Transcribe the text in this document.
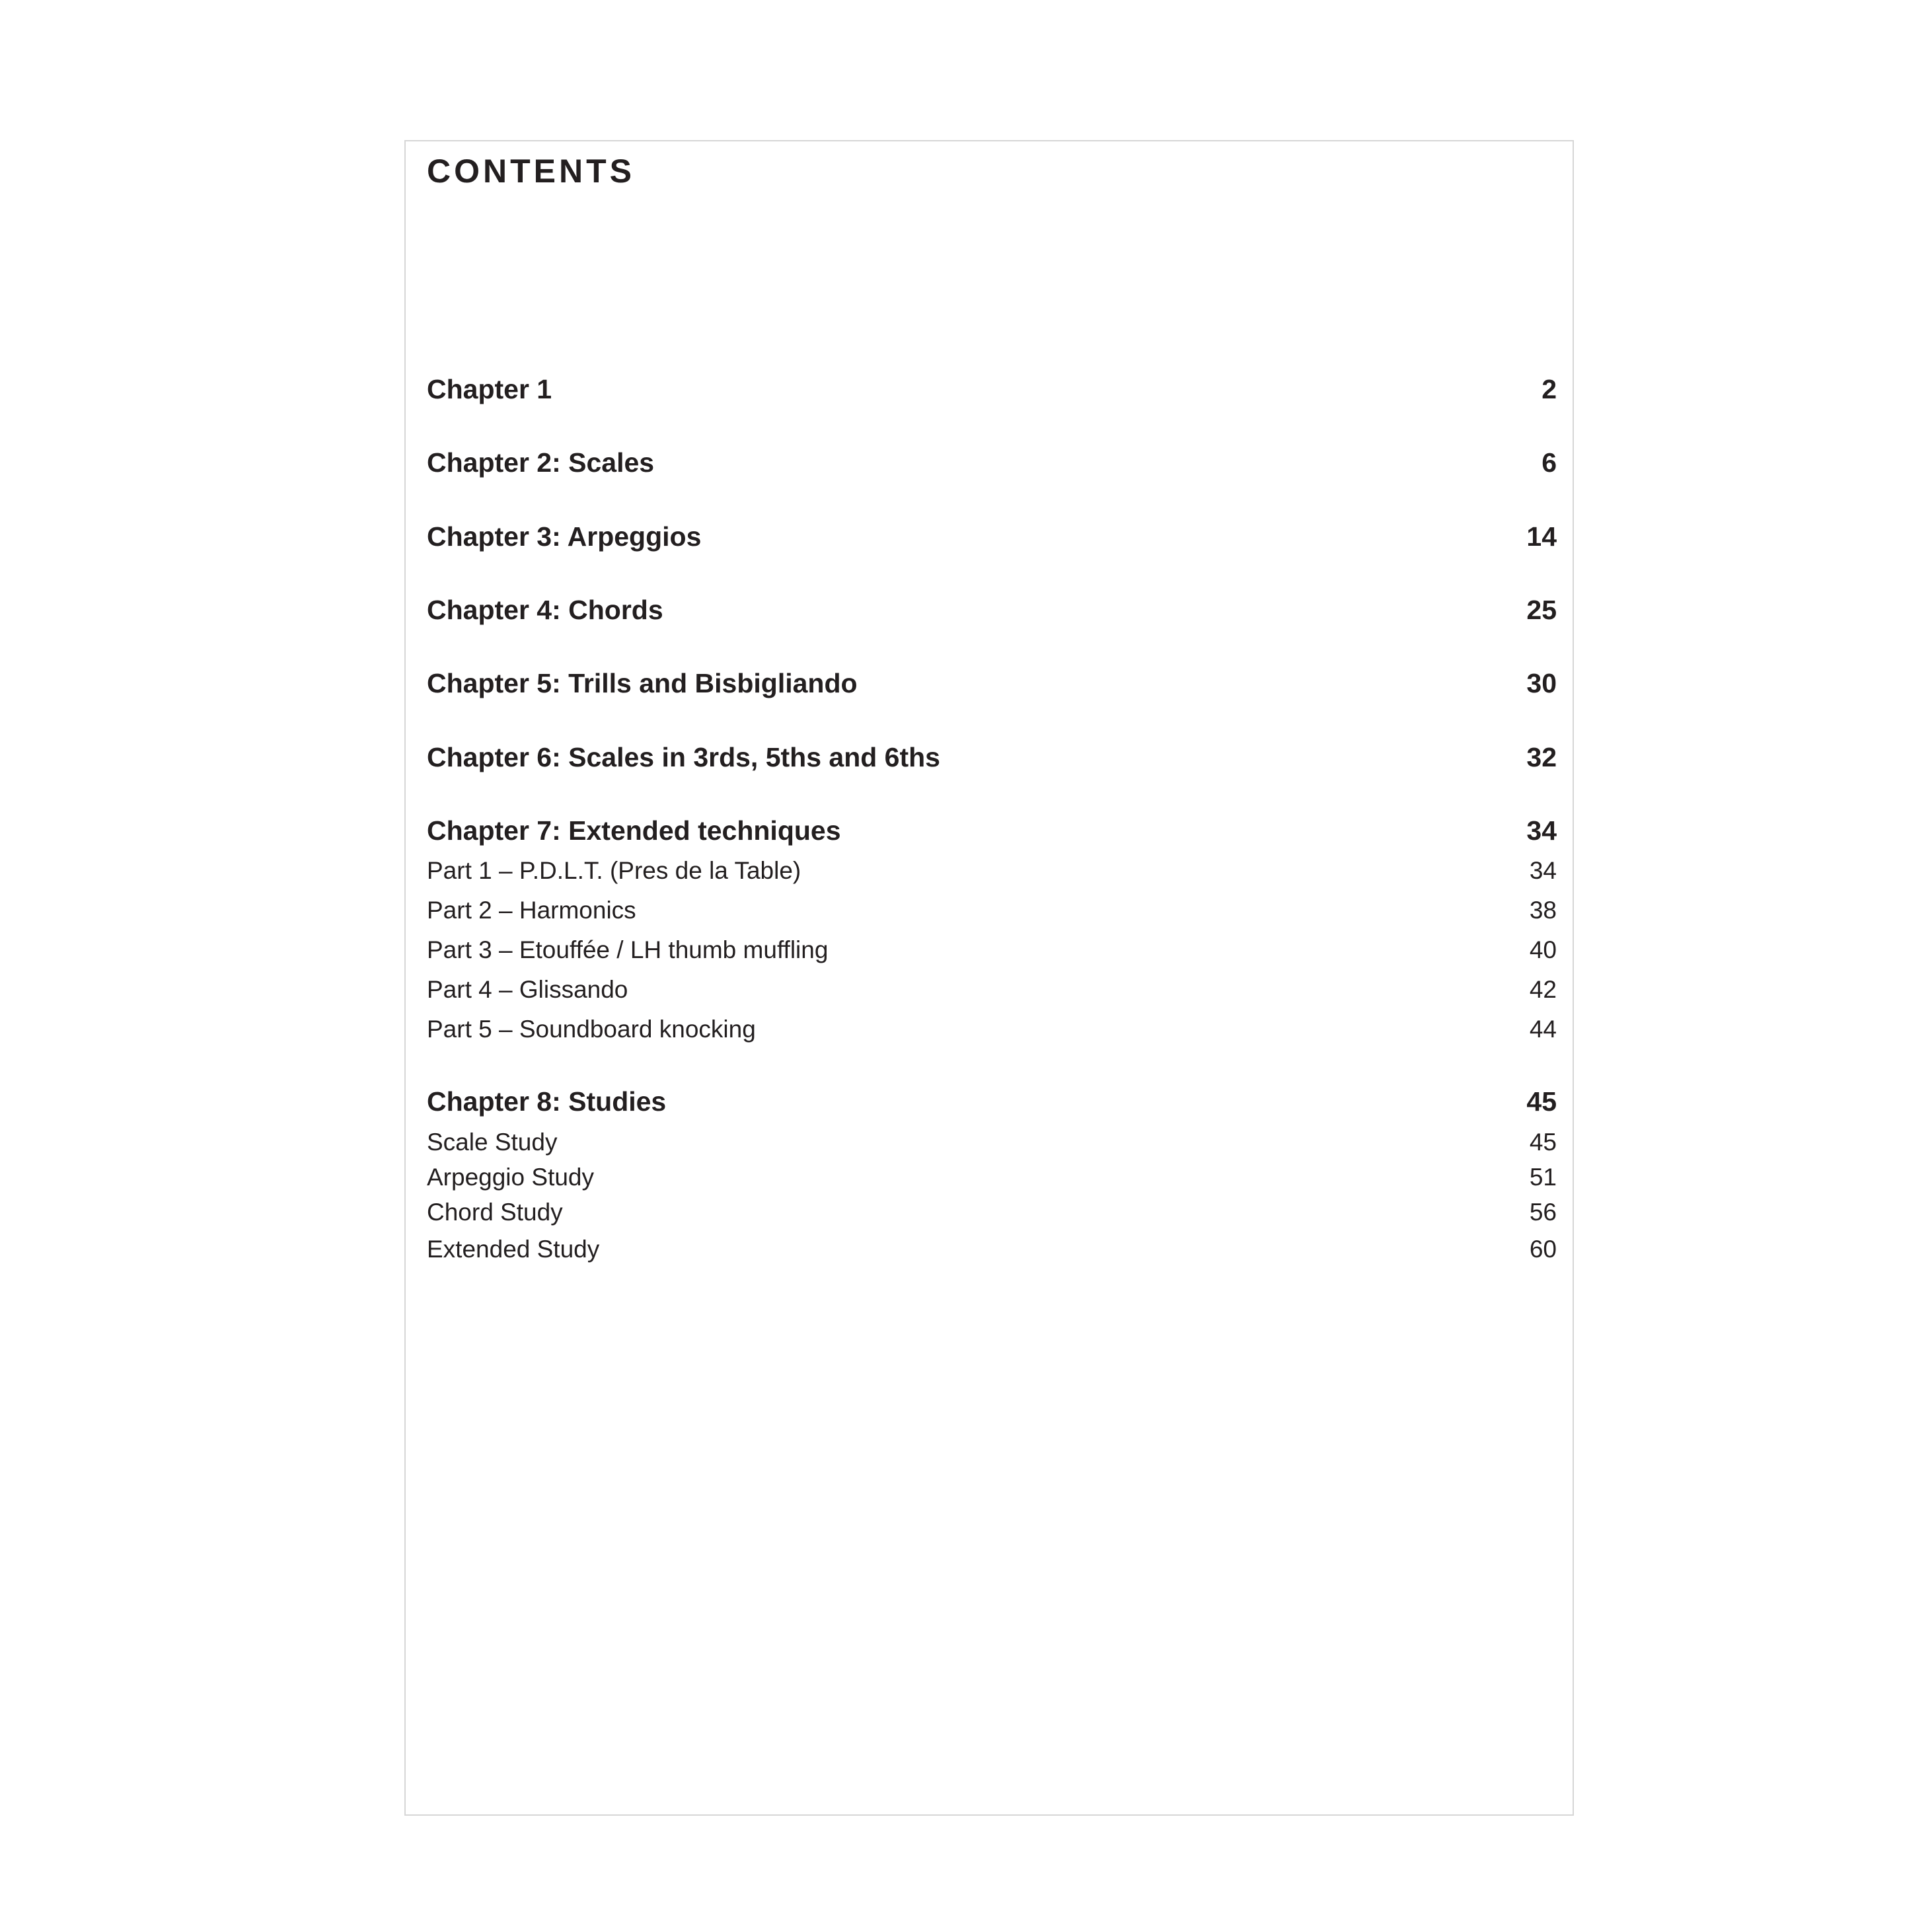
CONTENTS
Chapter 1	2
Chapter 2: Scales	6
Chapter 3: Arpeggios	14
Chapter 4: Chords	25
Chapter 5: Trills and Bisbigliando	30
Chapter 6: Scales in 3rds, 5ths and 6ths	32
Chapter 7: Extended techniques	34
Part 1 – P.D.L.T. (Pres de la Table)	34
Part 2 – Harmonics	38
Part 3 – Etouffée / LH thumb muffling	40
Part 4 – Glissando	42
Part 5 – Soundboard knocking	44
Chapter 8: Studies	45
Scale Study	45
Arpeggio Study	51
Chord Study	56
Extended Study	60
